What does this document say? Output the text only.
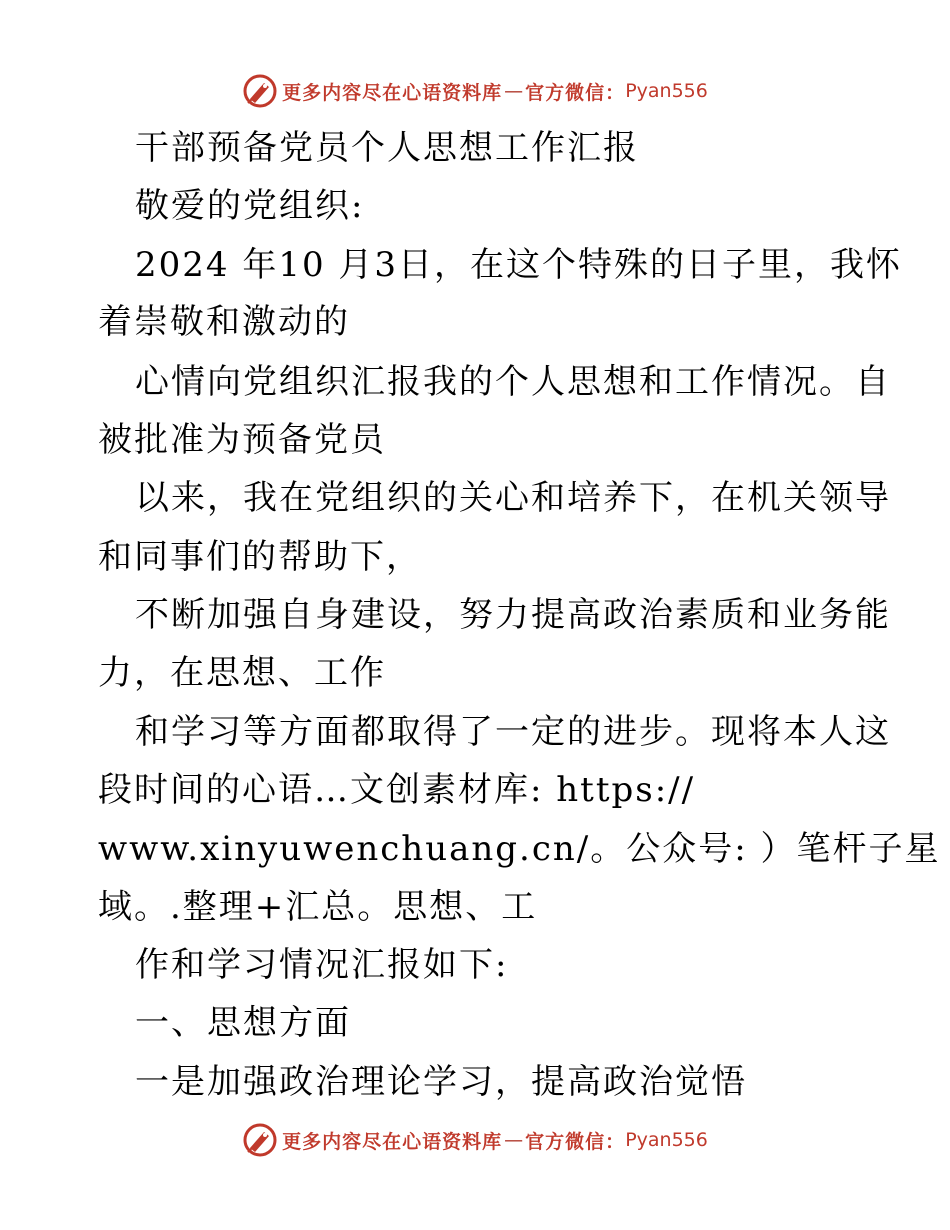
更多内容尽在心语资料库 — 官方微信： Pyan556
干部预备党员个人思想工作汇报
敬爱的党组织:
2024 年10 月3日，在这个特殊的日子里，我怀
着崇敬和激动的
心情向党组织汇报我的个人思想和工作情况。自
被批准为预备党员
以来，我在党组织的关心和培养下，在机关领导
和同事们的帮助下，
不断加强自身建设，努力提高政治素质和业务能
力，在思想、工作
和学习等方面都取得了一定的进步。现将本人这
段时间的心语…文创素材库: https://
www.xinyuwenchuang.cn/。公众号: ）笔杆子星
域。.整理+汇总。思想、工
作和学习情况汇报如下:
一、思想方面
一是加强政治理论学习，提高政治觉悟
更多内容尽在心语资料库 — 官方微信： Pyan556
